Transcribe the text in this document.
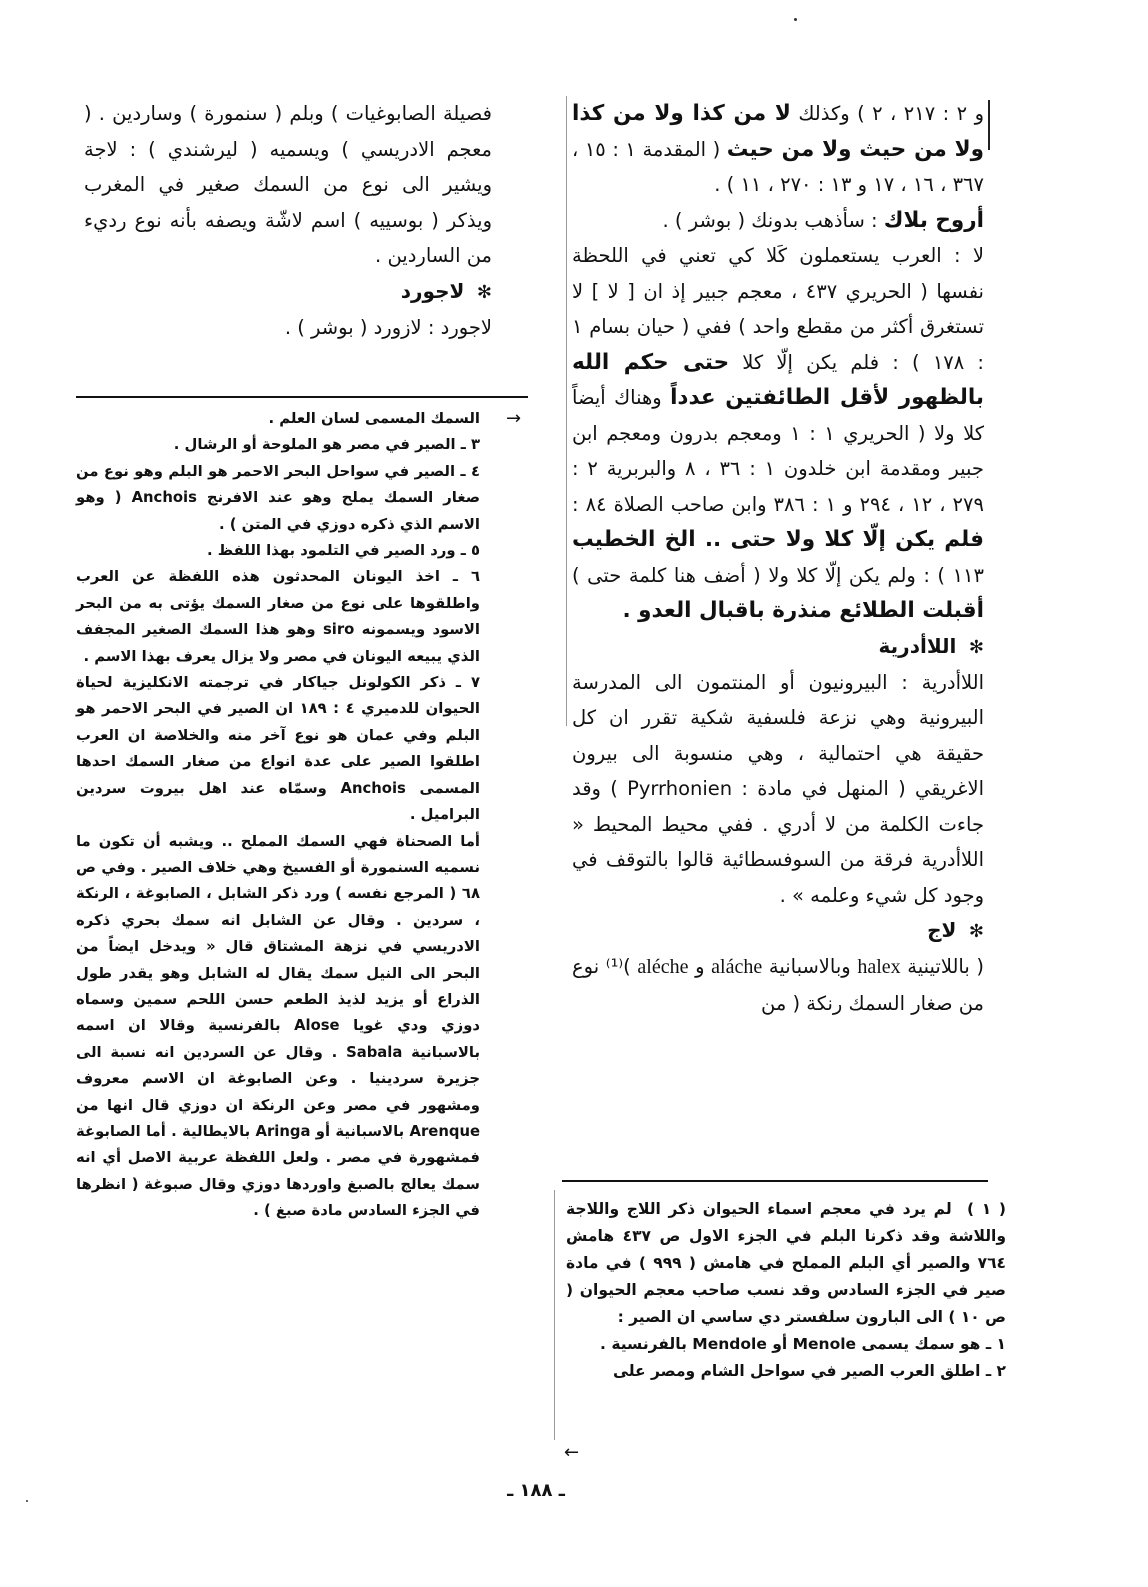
و ٢ : ٢١٧ ، ٢ ) وكذلك لا من كذا ولا من كذا ولا من حيث ولا من حيث ( المقدمة ١ : ١٥ ، ٣٦٧ ، ١٦ ، ١٧ و ١٣ : ٢٧٠ ، ١١ ) .

أروح بلاك : سأذهب بدونك ( بوشر ) .

لا : العرب يستعملون كَلا كي تعني في اللحظة نفسها ( الحريري ٤٣٧ ، معجم جبير إذ ان [ لا ] لا تستغرق أكثر من مقطع واحد ) ففي ( حيان بسام ١ : ١٧٨ ) : فلم يكن إلّا كلا حتى حكم الله بالظهور لأقل الطائفتين عدداً وهناك أيضاً كلا ولا ( الحريري ١ : ١ ومعجم بدرون ومعجم ابن جبير ومقدمة ابن خلدون ١ : ٣٦ ، ٨ والبربرية ٢ : ٢٧٩ ، ١٢ ، ٢٩٤ و ١ : ٣٨٦ وابن صاحب الصلاة ٨٤ : فلم يكن إلّا كلا ولا حتى .. الخ الخطيب ١١٣ ) : ولم يكن إلّا كلا ولا ( أضف هنا كلمة حتى ) أقبلت الطلائع منذرة باقبال العدو .

✻  اللاأدرية

اللاأدرية : البيرونيون أو المنتمون الى المدرسة البيرونية وهي نزعة فلسفية شكية تقرر ان كل حقيقة هي احتمالية ، وهي منسوبة الى بيرون الاغريقي ( المنهل في مادة : Pyrrhonien ) وقد جاءت الكلمة من لا أدري . ففي محيط المحيط « اللاأدرية فرقة من السوفسطائية قالوا بالتوقف في وجود كل شيء وعلمه » .

✻  لاج

( باللاتينية halex وبالاسبانية aláche و aléche )⁽¹⁾ نوع من صغار السمك رنكة ( من

فصيلة الصابوغيات ) وبلم ( سنمورة ) وساردين . ( معجم الادريسي ) ويسميه ( ليرشندي ) : لاجة ويشير الى نوع من السمك صغير في المغرب ويذكر ( بوسييه ) اسم لاشّة ويصفه بأنه نوع رديء من الساردين .

✻  لاجورد

لاجورد : لازورد ( بوشر ) .

→

السمك المسمى لسان العلم .

٣ ـ الصير في مصر هو الملوحة أو الرشال .

٤ ـ الصير في سواحل البحر الاحمر هو البلم وهو نوع من صغار السمك يملح وهو عند الافرنج Anchois ( وهو الاسم الذي ذكره دوزي في المتن ) .

٥ ـ ورد الصير في التلمود بهذا اللفظ .

٦ ـ اخذ اليونان المحدثون هذه اللفظة عن العرب واطلقوها على نوع من صغار السمك يؤتى به من البحر الاسود ويسمونه siro وهو هذا السمك الصغير المجفف الذي يبيعه اليونان في مصر ولا يزال يعرف بهذا الاسم .

٧ ـ ذكر الكولونل جياكار في ترجمته الانكليزية لحياة الحيوان للدميري ٤ : ١٨٩ ان الصير في البحر الاحمر هو البلم وفي عمان هو نوع آخر منه والخلاصة ان العرب اطلقوا الصير على عدة انواع من صغار السمك احدها المسمى Anchois وسمّاه عند اهل بيروت سردين البراميل .

أما الصحناة فهي السمك المملح .. ويشبه أن تكون ما نسميه السنمورة أو الفسيخ وهي خلاف الصير . وفي ص ٦٨ ( المرجع نفسه ) ورد ذكر الشابل ، الصابوغة ، الرنكة ، سردين . وقال عن الشابل انه سمك بحري ذكره الادريسي في نزهة المشتاق قال « ويدخل ايضاً من البحر الى النيل سمك يقال له الشابل وهو يقدر طول الذراع أو يزيد لذيذ الطعم حسن اللحم سمين وسماه دوزي ودي غويا Alose بالفرنسية وقالا ان اسمه بالاسبانية Sabala . وقال عن السردين انه نسبة الى جزيرة سردينيا . وعن الصابوغة ان الاسم معروف ومشهور في مصر وعن الرنكة ان دوزي قال انها من Arenque بالاسبانية أو Aringa بالايطالية . أما الصابوغة فمشهورة في مصر . ولعل اللفظة عربية الاصل أي انه سمك يعالج بالصبغ واوردها دوزي وقال صبوغة ( انظرها في الجزء السادس مادة صبغ ) .	( ١ )  لم يرد في معجم اسماء الحيوان ذكر اللاج واللاجة واللاشة وقد ذكرنا البلم في الجزء الاول ص ٤٣٧ هامش ٧٦٤ والصير أي البلم المملح في هامش ( ٩٩٩ ) في مادة صير في الجزء السادس وقد نسب صاحب معجم الحيوان ( ص ١٠ ) الى البارون سلفستر دي ساسي ان الصير :

١ ـ هو سمك يسمى Menole أو Mendole بالفرنسية .

٢ ـ اطلق العرب الصير في سواحل الشام ومصر على

←
ـ ١٨٨ ـ
